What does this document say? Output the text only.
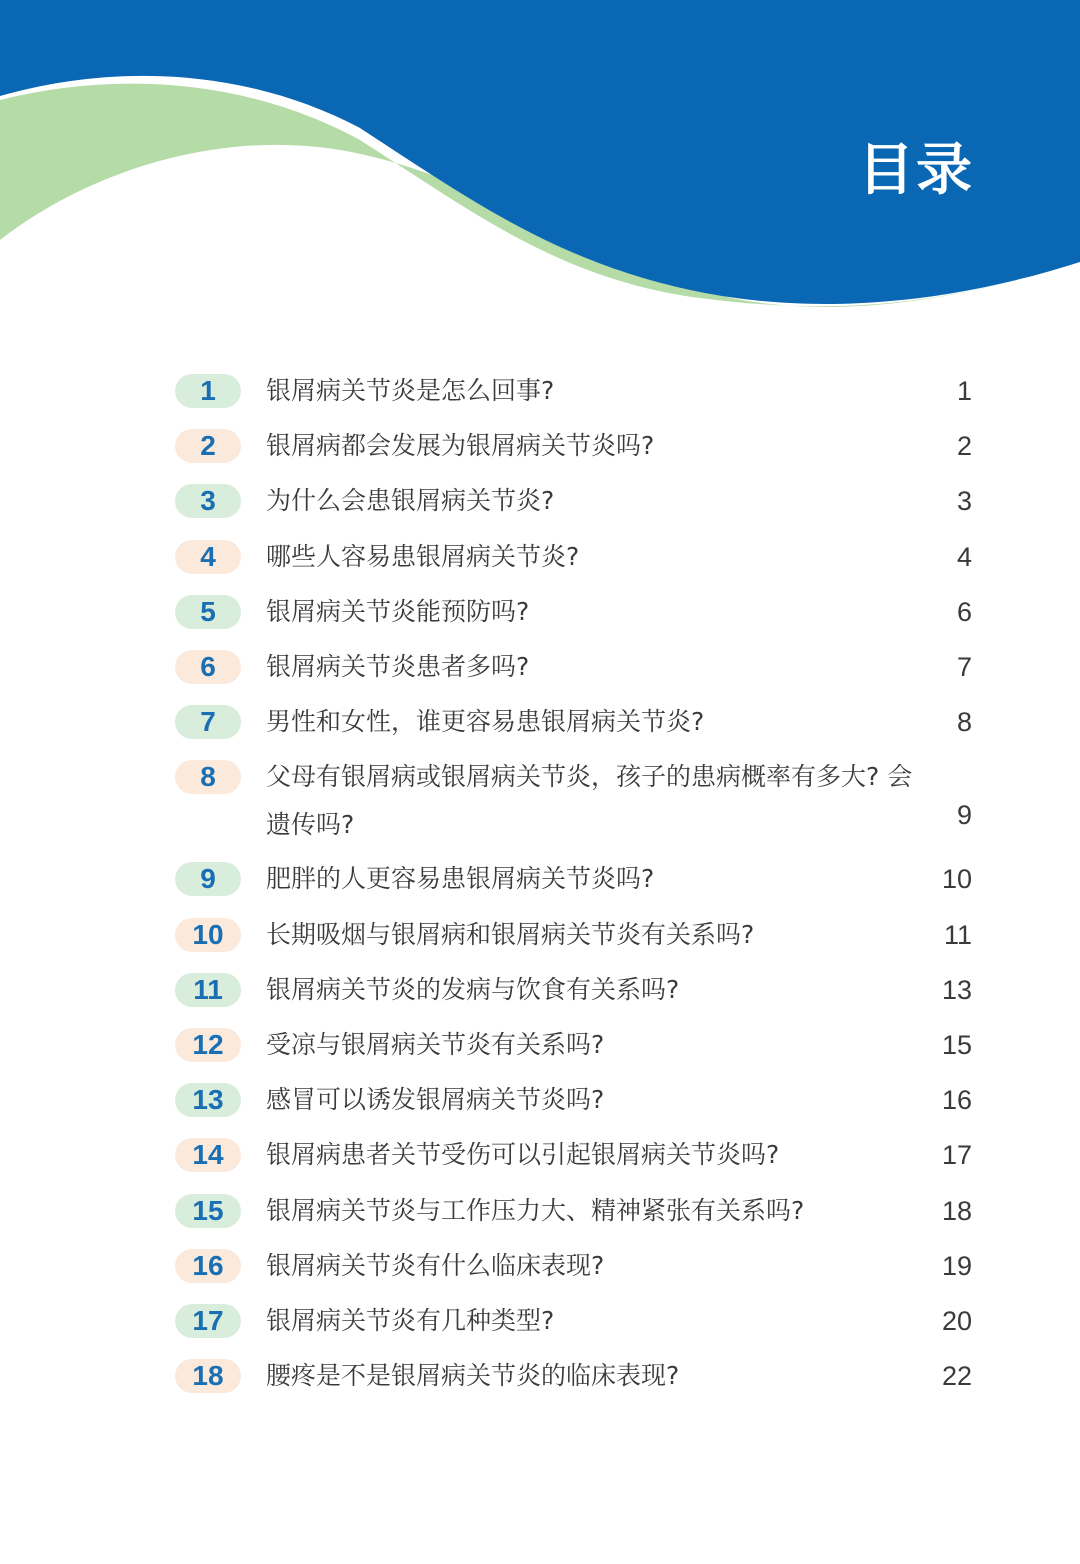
目录
1	银屑病关节炎是怎么回事?	1
2	银屑病都会发展为银屑病关节炎吗?	2
3	为什么会患银屑病关节炎?	3
4	哪些人容易患银屑病关节炎?	4
5	银屑病关节炎能预防吗?	6
6	银屑病关节炎患者多吗?	7
7	男性和女性，谁更容易患银屑病关节炎?	8
8	父母有银屑病或银屑病关节炎，孩子的患病概率有多大? 会遗传吗?	9
9	肥胖的人更容易患银屑病关节炎吗?	10
10	长期吸烟与银屑病和银屑病关节炎有关系吗?	11
11	银屑病关节炎的发病与饮食有关系吗?	13
12	受凉与银屑病关节炎有关系吗?	15
13	感冒可以诱发银屑病关节炎吗?	16
14	银屑病患者关节受伤可以引起银屑病关节炎吗?	17
15	银屑病关节炎与工作压力大、精神紧张有关系吗?	18
16	银屑病关节炎有什么临床表现?	19
17	银屑病关节炎有几种类型?	20
18	腰疼是不是银屑病关节炎的临床表现?	22
